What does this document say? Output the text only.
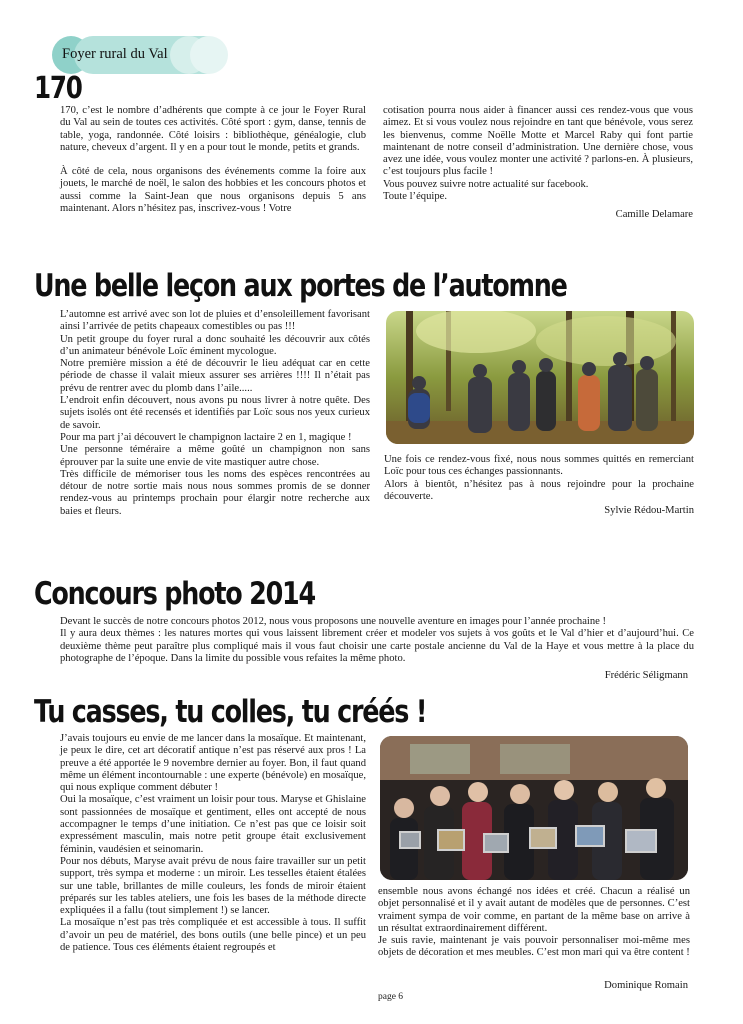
Foyer rural du Val
170

170, c’est le nombre d’adhérents que compte à ce jour le Foyer Rural du Val au sein de toutes ces activités. Côté sport : gym, danse, tennis de table, yoga, randonnée. Côté loisirs : bibliothèque, généalogie, club nature, cheveux d’argent. Il y en a pour tout le monde, petits et grands.

À côté de cela, nous organisons des événements comme la foire aux jouets, le marché de noël, le salon des hobbies et les concours photos et aussi comme la Saint-Jean que nous organisons depuis 5 ans maintenant. Alors n’hésitez pas, inscrivez-vous ! Votre

cotisation pourra nous aider à financer aussi ces rendez-vous que vous aimez. Et si vous voulez nous rejoindre en tant que bénévole, vous serez les bienvenus, comme Noëlle Motte et Marcel Raby qui font partie maintenant de notre conseil d’administration. Une dernière chose, vous avez une idée, vous voulez monter une activité ? parlons-en. À plusieurs, c’est toujours plus facile !

Vous pouvez suivre notre actualité sur facebook.

Toute l’équipe.

Camille Delamare
Une belle leçon aux portes de l’automne

L’automne est arrivé avec son lot de pluies et d’ensoleillement favorisant ainsi l’arrivée de petits chapeaux comestibles ou pas !!!

Un petit groupe du foyer rural a donc souhaité les découvrir aux côtés d’un animateur bénévole Loïc éminent mycologue.

Notre première mission a été de découvrir le lieu adéquat car en cette période de chasse il valait mieux assurer ses arrières !!!! Il n’était pas prévu de rentrer avec du plomb dans l’aile.....

L’endroit enfin découvert, nous avons pu nous livrer à notre quête. Des sujets isolés ont été recensés et identifiés par Loïc sous nos yeux curieux de savoir.

Pour ma part j’ai découvert le champignon lactaire 2 en 1, magique !

Une personne téméraire a même goûté un champignon non sans éprouver par la suite une envie de vite mastiquer autre chose.

Très difficile de mémoriser tous les noms des espèces rencontrées au détour de notre sortie mais nous nous sommes promis de se donner rendez-vous au printemps prochain pour élargir notre recherche aux baies et fleurs.

Une fois ce rendez-vous fixé, nous nous sommes quittés en remerciant Loïc pour tous ces échanges passionnants.

Alors à bientôt, n’hésitez pas à nous rejoindre pour la prochaine découverte.

Sylvie Rédou-Martin
Concours photo 2014

Devant le succès de notre concours photos 2012, nous vous proposons une nouvelle aventure en images pour l’année prochaine !

Il y aura deux thèmes : les natures mortes qui vous laissent librement créer et modeler vos sujets à vos goûts et le Val d’hier et d’aujourd’hui. Ce deuxième thème peut paraître plus compliqué mais il vous faut choisir une carte postale ancienne du Val de la Haye et vous mettre à la place du photographe de l’époque. Dans la limite du possible vous refaites la même photo.

Frédéric Séligmann
Tu casses, tu colles, tu créés !

J’avais toujours eu envie de me lancer dans la mosaïque. Et maintenant, je peux le dire, cet art décoratif antique n’est pas réservé aux pros ! La preuve a été apportée le 9 novembre dernier au foyer. Bon, il faut quand même un élément incontournable : une experte (bénévole) en mosaïque, qui nous explique comment débuter !

Oui la mosaïque, c’est vraiment un loisir pour tous. Maryse et Ghislaine sont passionnées de mosaïque et gentiment, elles ont accepté de nous accompagner le temps d’une initiation. Ce n’est pas que ce loisir soit expressément masculin, mais notre petit groupe était exclusivement féminin, vaudésien et seinomarin.

Pour nos débuts, Maryse avait prévu de nous faire travailler sur un petit support, très sympa et moderne : un miroir. Les tesselles étaient étalées sur une table, brillantes de mille couleurs, les fonds de miroir étaient préparés sur les tables ateliers, une fois les bases de la méthode directe expliquées il a fallu (tout simplement !) se lancer.

La mosaïque n’est pas très compliquée et est accessible à tous. Il suffit d’avoir un peu de matériel, des bons outils (une belle pince) et un peu de patience. Tous ces éléments étaient regroupés et

ensemble nous avons échangé nos idées et créé. Chacun a réalisé un objet personnalisé et il y avait autant de modèles que de personnes. C’est vraiment sympa de voir comme, en partant de la même base on arrive à un résultat extraordinairement différent.

Je suis ravie, maintenant je vais pouvoir personnaliser moi-même mes objets de décoration et mes meubles. C’est mon mari qui va être content !

Dominique Romain
page 6
